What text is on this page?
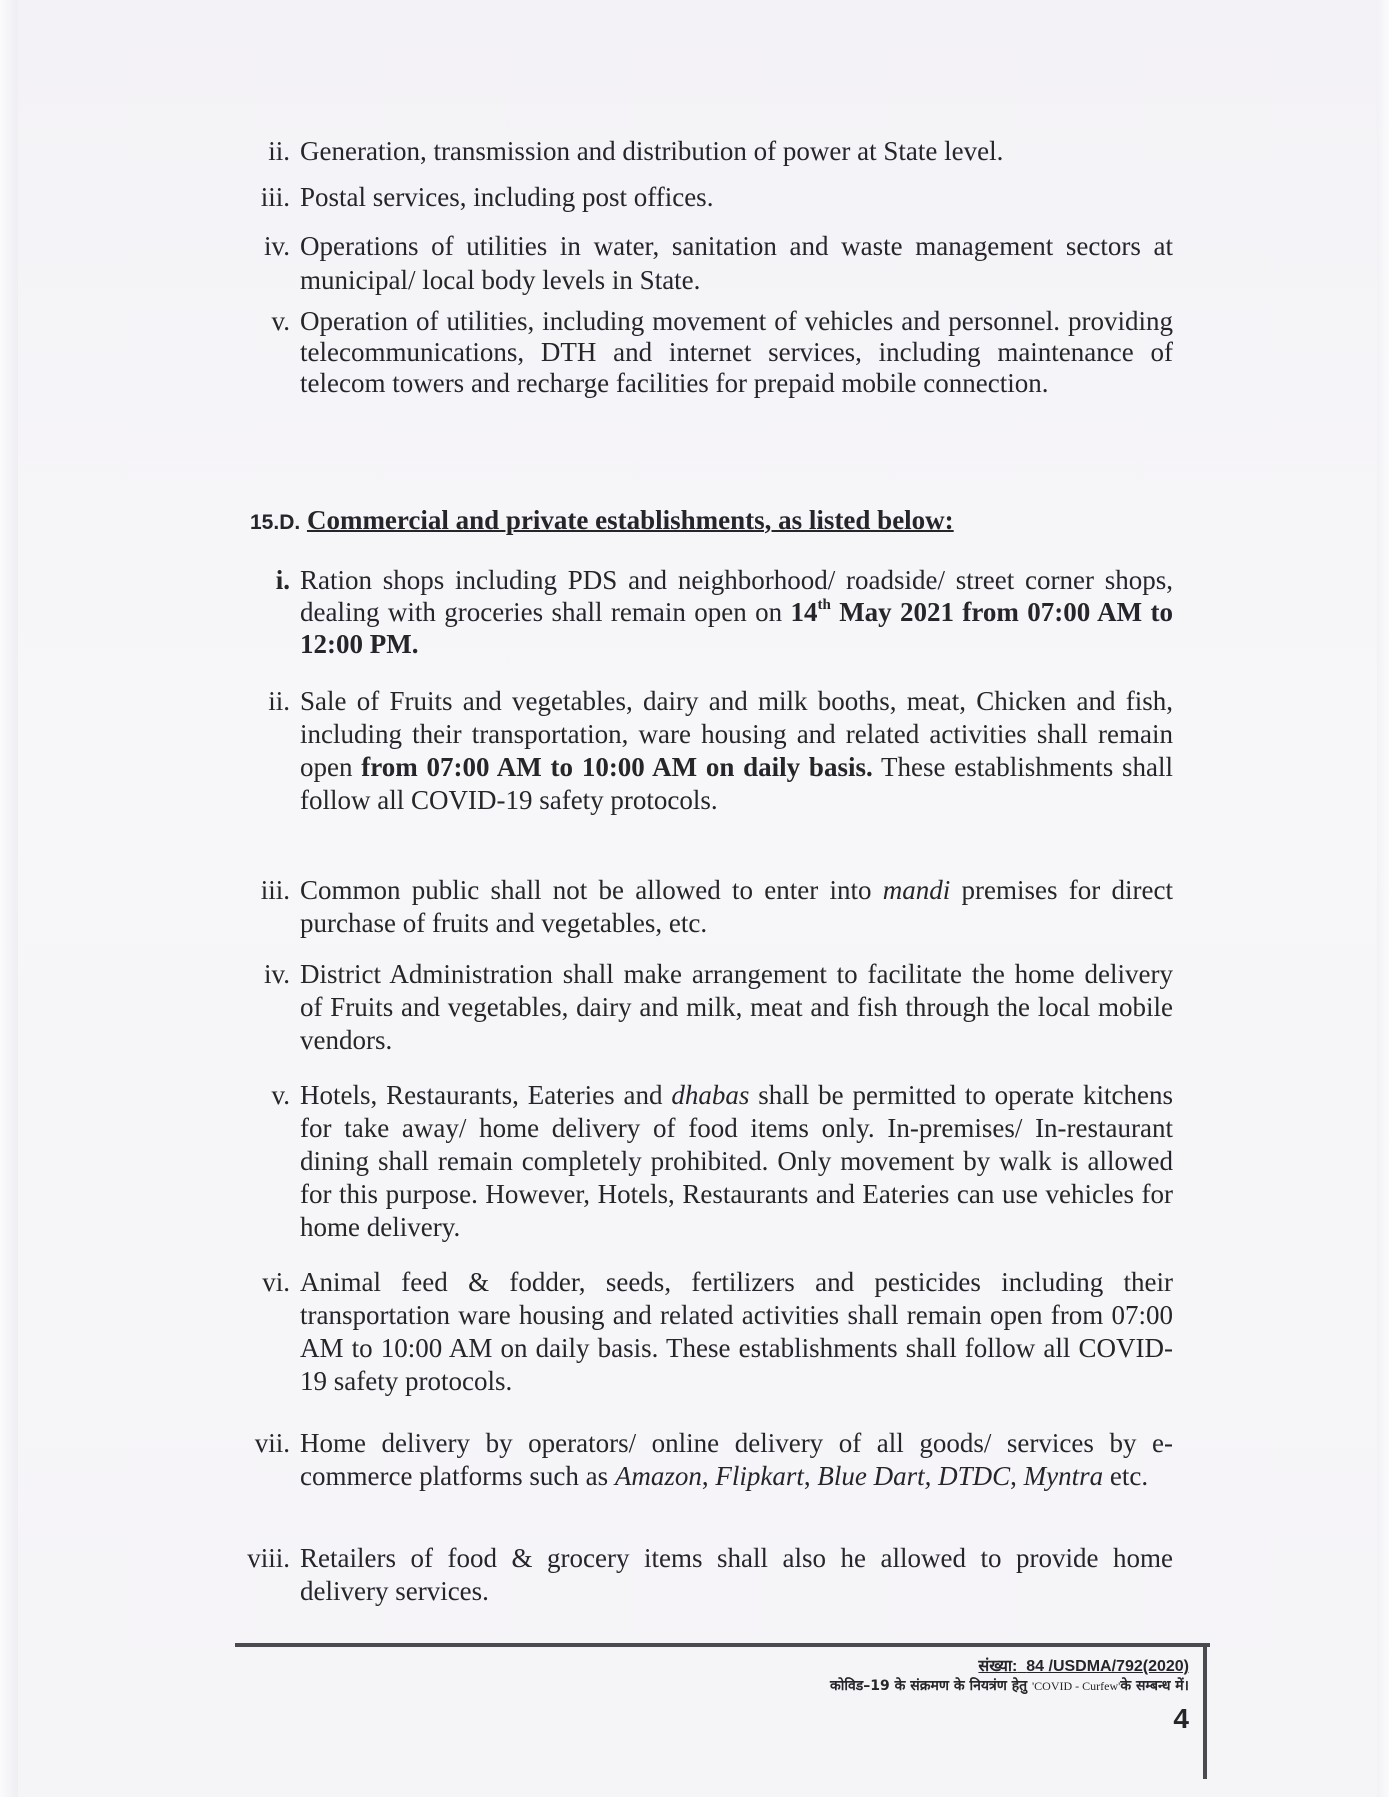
ii. Generation, transmission and distribution of power at State level.
iii. Postal services, including post offices.
iv. Operations of utilities in water, sanitation and waste management sectors at municipal/ local body levels in State.
v. Operation of utilities, including movement of vehicles and personnel. providing telecommunications, DTH and internet services, including maintenance of telecom towers and recharge facilities for prepaid mobile connection.
15.D. Commercial and private establishments, as listed below:
i. Ration shops including PDS and neighborhood/ roadside/ street corner shops, dealing with groceries shall remain open on 14th May 2021 from 07:00 AM to 12:00 PM.
ii. Sale of Fruits and vegetables, dairy and milk booths, meat, Chicken and fish, including their transportation, ware housing and related activities shall remain open from 07:00 AM to 10:00 AM on daily basis. These establishments shall follow all COVID-19 safety protocols.
iii. Common public shall not be allowed to enter into mandi premises for direct purchase of fruits and vegetables, etc.
iv. District Administration shall make arrangement to facilitate the home delivery of Fruits and vegetables, dairy and milk, meat and fish through the local mobile vendors.
v. Hotels, Restaurants, Eateries and dhabas shall be permitted to operate kitchens for take away/ home delivery of food items only. In-premises/ In-restaurant dining shall remain completely prohibited. Only movement by walk is allowed for this purpose. However, Hotels, Restaurants and Eateries can use vehicles for home delivery.
vi. Animal feed & fodder, seeds, fertilizers and pesticides including their transportation ware housing and related activities shall remain open from 07:00 AM to 10:00 AM on daily basis. These establishments shall follow all COVID-19 safety protocols.
vii. Home delivery by operators/ online delivery of all goods/ services by e-commerce platforms such as Amazon, Flipkart, Blue Dart, DTDC, Myntra etc.
viii. Retailers of food & grocery items shall also he allowed to provide home delivery services.
संख्या: 84 /USDMA/792(2020)
कोविड–19 के संक्रमण के नियत्रंण हेतु 'COVID - Curfew'के सम्बन्ध में।
4
